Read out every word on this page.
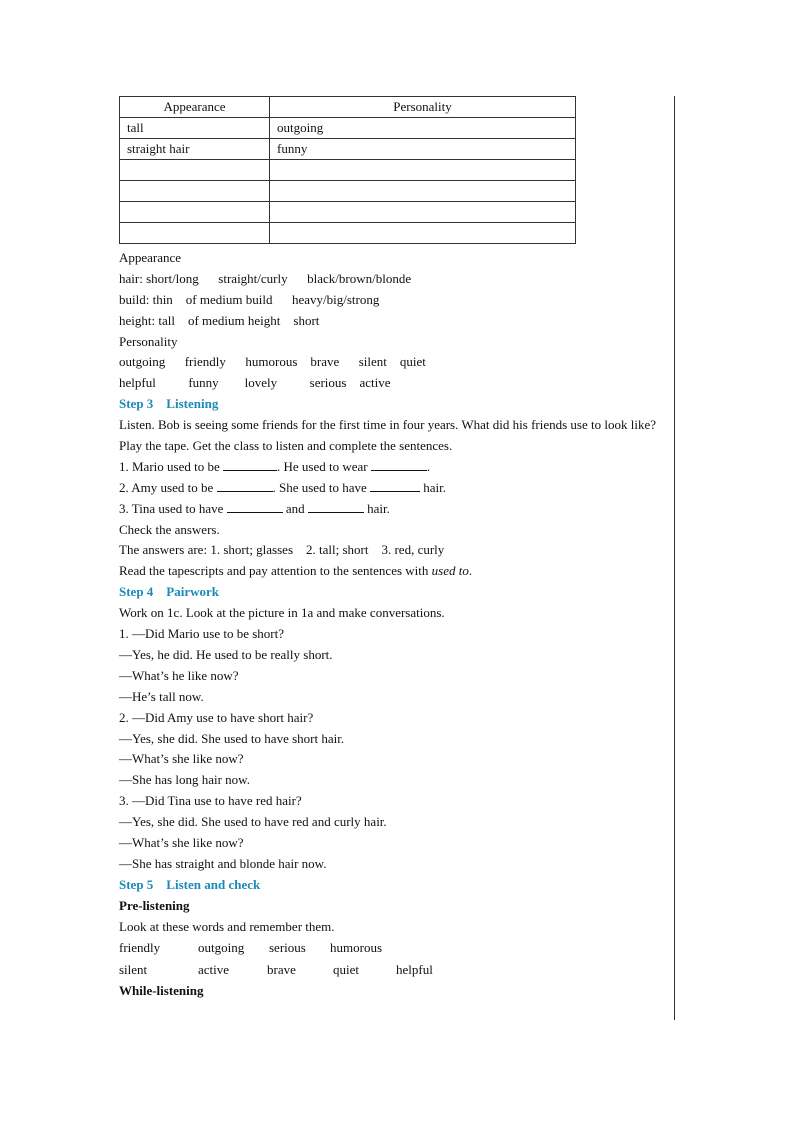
Appearance	Personality
tall	outgoing
straight hair	funny

Appearance
hair: short/long      straight/curly      black/brown/blonde
build: thin    of medium build      heavy/big/strong
height: tall    of medium height    short
Personality
outgoing      friendly      humorous    brave      silent    quiet
helpful          funny        lovely          serious    active
Step 3    Listening
Listen. Bob is seeing some friends for the first time in four years. What did his friends use to look like?
Play the tape. Get the class to listen and complete the sentences.
1. Mario used to be	. He used to wear	.
2. Amy used to be	. She used to have	hair.
3. Tina used to have	and	hair.
Check the answers.
The answers are: 1. short; glasses    2. tall; short    3. red, curly
Read the tapescripts and pay attention to the sentences with used to.
Step 4    Pairwork
Work on 1c. Look at the picture in 1a and make conversations.
1. —Did Mario use to be short?
—Yes, he did. He used to be really short.
—What’s he like now?
—He’s tall now.
2. —Did Amy use to have short hair?
—Yes, she did. She used to have short hair.
—What’s she like now?
—She has long hair now.
3. —Did Tina use to have red hair?
—Yes, she did. She used to have red and curly hair.
—What’s she like now?
—She has straight and blonde hair now.
Step 5    Listen and check
Pre-listening
Look at these words and remember them.
friendly	outgoing serious humorous
silent	active	brave	quiet	helpful
While-listening
